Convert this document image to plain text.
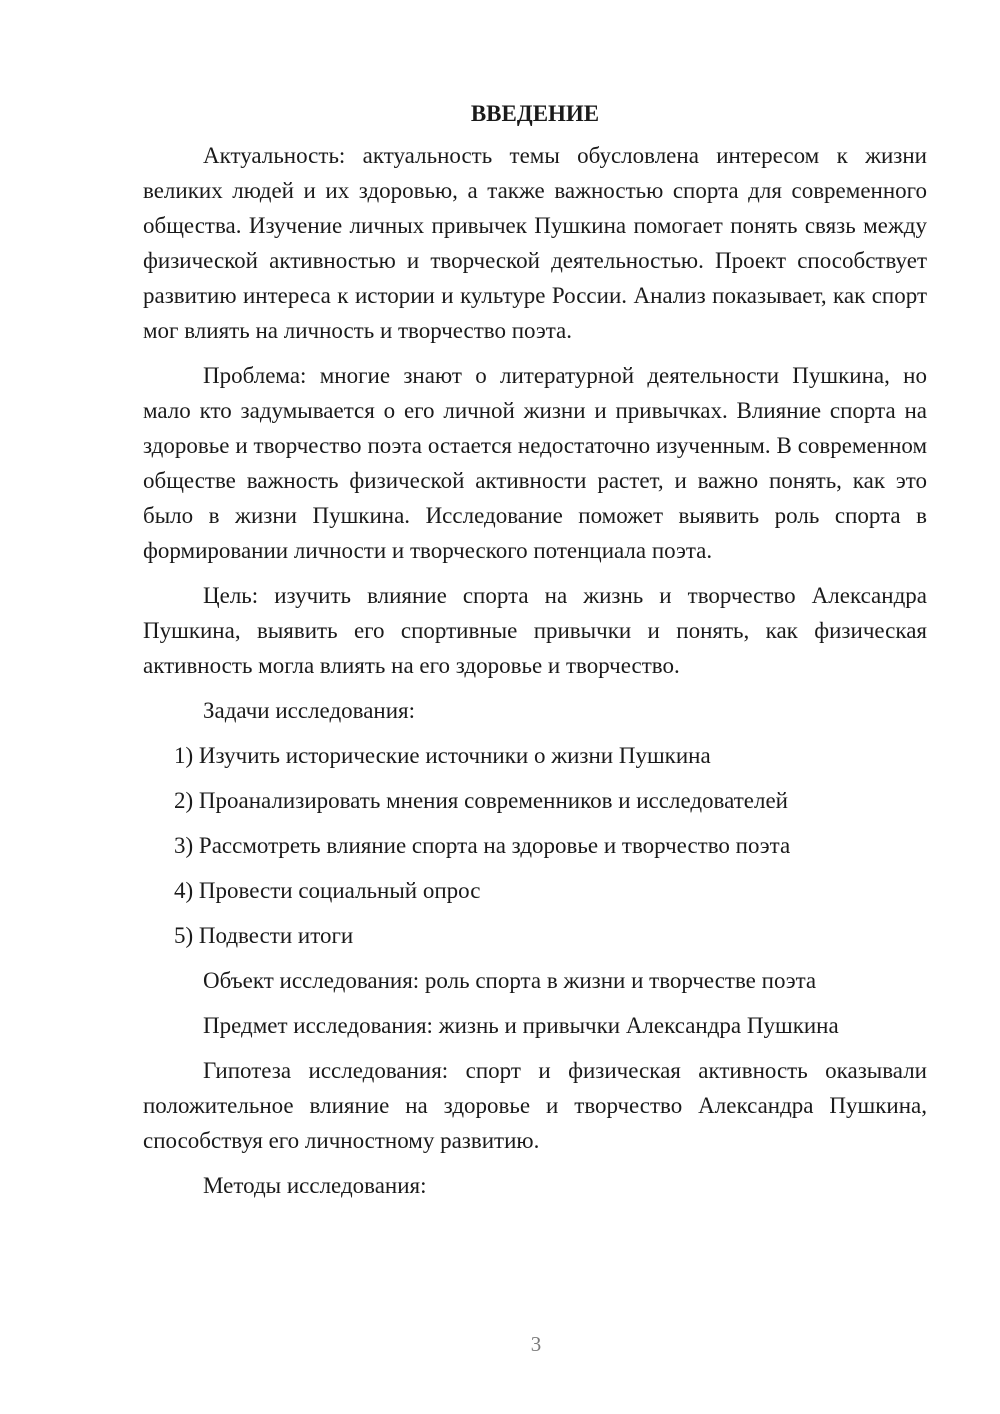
ВВЕДЕНИЕ

Актуальность: актуальность темы обусловлена интересом к жизни великих людей и их здоровью, а также важностью спорта для современного общества. Изучение личных привычек Пушкина помогает понять связь между физической активностью и творческой деятельностью. Проект способствует развитию интереса к истории и культуре России. Анализ показывает, как спорт мог влиять на личность и творчество поэта.

Проблема: многие знают о литературной деятельности Пушкина, но мало кто задумывается о его личной жизни и привычках. Влияние спорта на здоровье и творчество поэта остается недостаточно изученным. В современном обществе важность физической активности растет, и важно понять, как это было в жизни Пушкина. Исследование поможет выявить роль спорта в формировании личности и творческого потенциала поэта.

Цель: изучить влияние спорта на жизнь и творчество Александра Пушкина, выявить его спортивные привычки и понять, как физическая активность могла влиять на его здоровье и творчество.

Задачи исследования:

1) Изучить исторические источники о жизни Пушкина
2) Проанализировать мнения современников и исследователей
3) Рассмотреть влияние спорта на здоровье и творчество поэта
4) Провести социальный опрос
5) Подвести итоги

Объект исследования: роль спорта в жизни и творчестве поэта

Предмет исследования: жизнь и привычки Александра Пушкина

Гипотеза исследования: спорт и физическая активность оказывали положительное влияние на здоровье и творчество Александра Пушкина, способствуя его личностному развитию.

Методы исследования:

3
